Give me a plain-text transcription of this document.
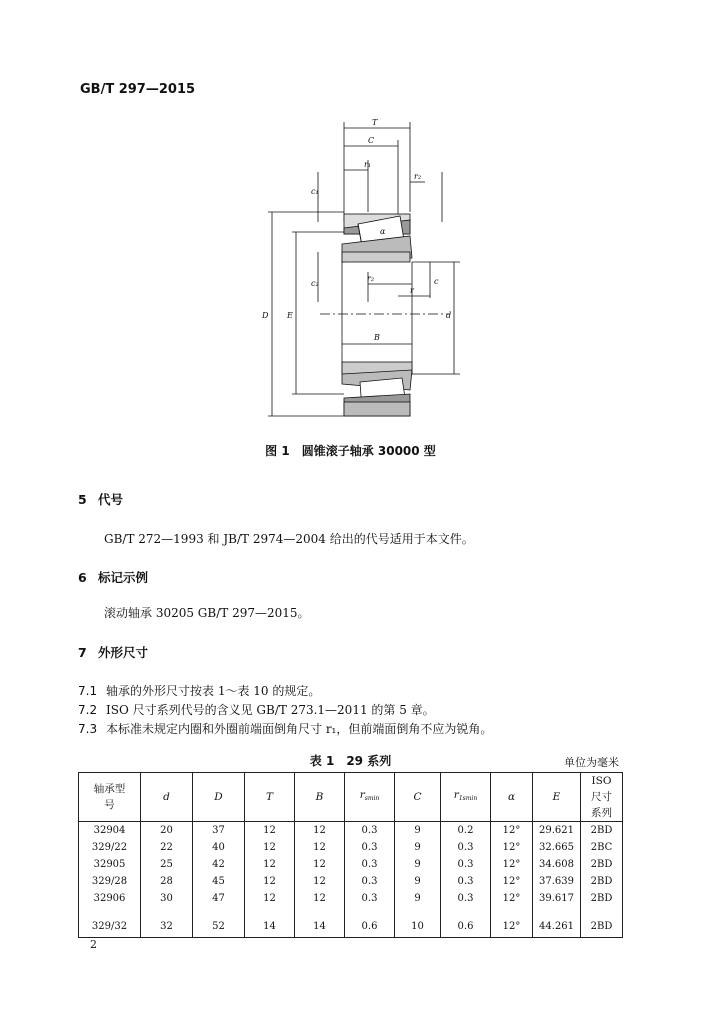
GB/T 297—2015
T
C
r₁
r₂
c₁
c₂
α
r₂
r
D E
B
d
c
图 1　圆锥滚子轴承 30000 型
5 代号
GB/T 272—1993 和 JB/T 2974—2004 给出的代号适用于本文件。
6 标记示例
滚动轴承 30205 GB/T 297—2015。
7 外形尺寸
7.1 轴承的外形尺寸按表 1～表 10 的规定。
7.2 ISO 尺寸系列代号的含义见 GB/T 273.1—2011 的第 5 章。
7.3 本标准未规定内圈和外圈前端面倒角尺寸 r₁，但前端面倒角不应为锐角。
表 1　29 系列	单位为毫米
轴承型号	d	D	T	B	$r_{smin}$	C	$r_{1smin}$	α	E	ISO尺寸系列
32904	20	37	12	12	0.3	9	0.2	12°	29.621	2BD
329/22	22	40	12	12	0.3	9	0.3	12°	32.665	2BC
32905	25	42	12	12	0.3	9	0.3	12°	34.608	2BD
329/28	28	45	12	12	0.3	9	0.3	12°	37.639	2BD
32906	30	47	12	12	0.3	9	0.3	12°	39.617	2BD

329/32	32	52	14	14	0.6	10	0.6	12°	44.261	2BD
2
